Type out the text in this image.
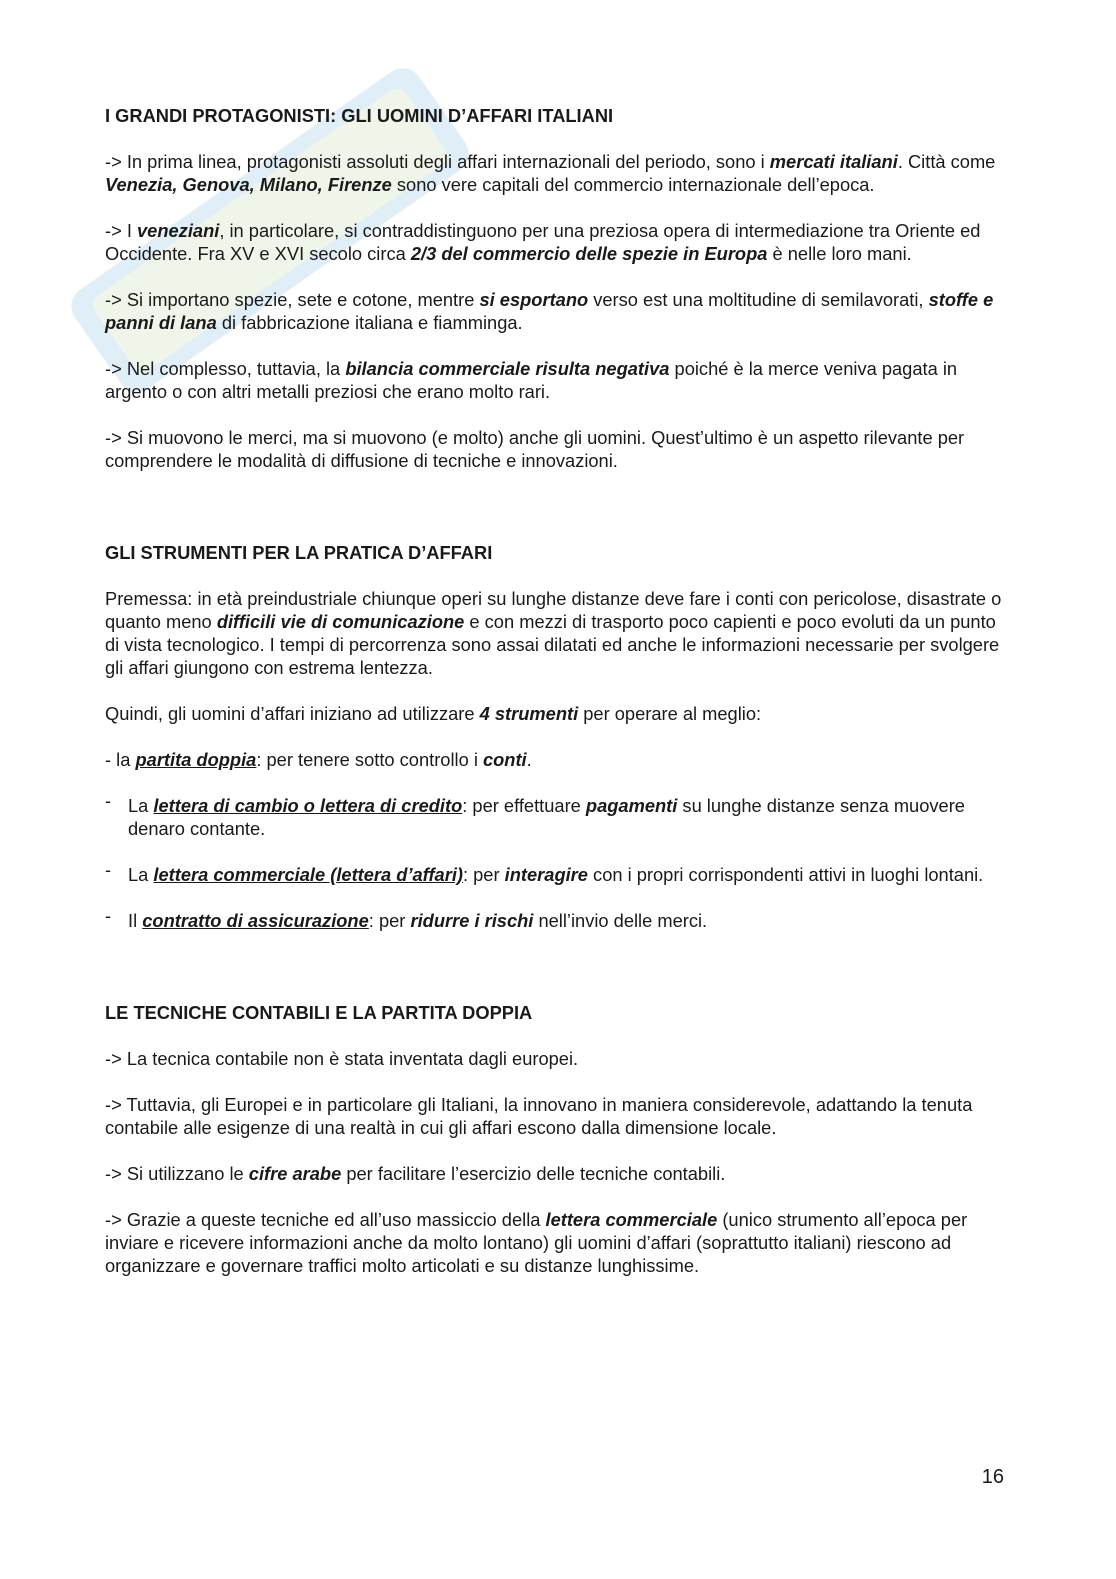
I GRANDI PROTAGONISTI: GLI UOMINI D’AFFARI ITALIANI

-> In prima linea, protagonisti assoluti degli affari internazionali del periodo, sono i mercati italiani. Città come Venezia, Genova, Milano, Firenze sono vere capitali del commercio internazionale dell’epoca.

-> I veneziani, in particolare, si contraddistinguono per una preziosa opera di intermediazione tra Oriente ed Occidente. Fra XV e XVI secolo circa 2/3 del commercio delle spezie in Europa è nelle loro mani.

-> Si importano spezie, sete e cotone, mentre si esportano verso est una moltitudine di semilavorati, stoffe e panni di lana di fabbricazione italiana e fiamminga.

-> Nel complesso, tuttavia, la bilancia commerciale risulta negativa poiché è la merce veniva pagata in argento o con altri metalli preziosi che erano molto rari.

-> Si muovono le merci, ma si muovono (e molto) anche gli uomini. Quest’ultimo è un aspetto rilevante per comprendere le modalità di diffusione di tecniche e innovazioni.

GLI STRUMENTI PER LA PRATICA D’AFFARI

Premessa: in età preindustriale chiunque operi su lunghe distanze deve fare i conti con pericolose, disastrate o quanto meno difficili vie di comunicazione e con mezzi di trasporto poco capienti e poco evoluti da un punto di vista tecnologico. I tempi di percorrenza sono assai dilatati ed anche le informazioni necessarie per svolgere gli affari giungono con estrema lentezza.

Quindi, gli uomini d’affari iniziano ad utilizzare 4 strumenti per operare al meglio:

- la partita doppia: per tenere sotto controllo i conti.

- La lettera di cambio o lettera di credito: per effettuare pagamenti su lunghe distanze senza muovere denaro contante.
- La lettera commerciale (lettera d’affari): per interagire con i propri corrispondenti attivi in luoghi lontani.
- Il contratto di assicurazione: per ridurre i rischi nell’invio delle merci.
LE TECNICHE CONTABILI E LA PARTITA DOPPIA

-> La tecnica contabile non è stata inventata dagli europei.

-> Tuttavia, gli Europei e in particolare gli Italiani, la innovano in maniera considerevole, adattando la tenuta contabile alle esigenze di una realtà in cui gli affari escono dalla dimensione locale.

-> Si utilizzano le cifre arabe per facilitare l’esercizio delle tecniche contabili.

-> Grazie a queste tecniche ed all’uso massiccio della lettera commerciale (unico strumento all’epoca per inviare e ricevere informazioni anche da molto lontano) gli uomini d’affari (soprattutto italiani) riescono ad organizzare e governare traffici molto articolati e su distanze lunghissime.

16
